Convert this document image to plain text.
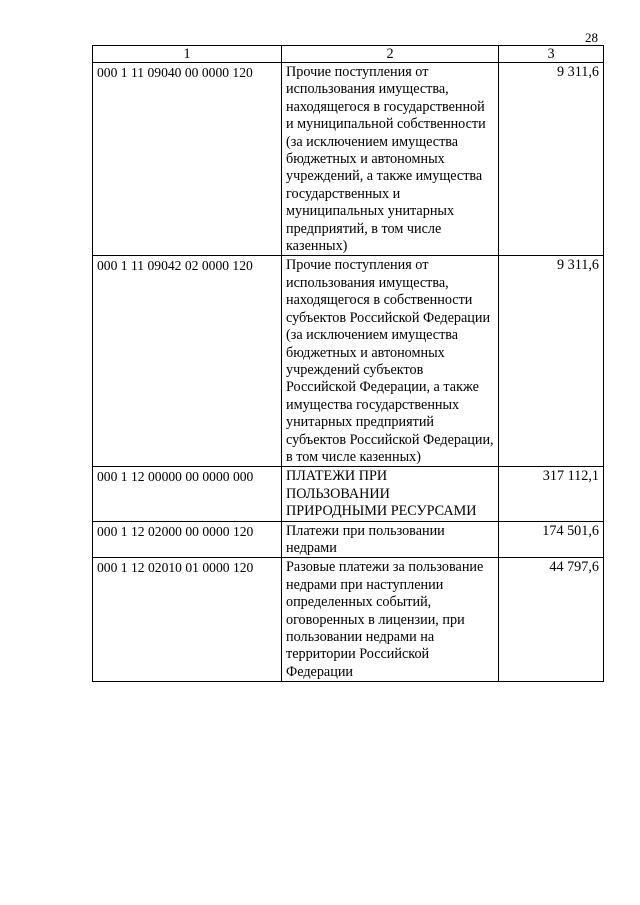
28
1	2	3
000 1 11 09040 00 0000 120	Прочие поступления от использования имущества, находящегося в государственной и муниципальной собственности (за исключением имущества бюджетных и автономных учреждений, а также имущества государственных и муниципальных унитарных предприятий, в том числе казенных)	9 311,6
000 1 11 09042 02 0000 120	Прочие поступления от использования имущества, находящегося в собственности субъектов Российской Федерации (за исключением имущества бюджетных и автономных учреждений субъектов Российской Федерации, а также имущества государственных унитарных предприятий субъектов Российской Федерации, в том числе казенных)	9 311,6
000 1 12 00000 00 0000 000	ПЛАТЕЖИ ПРИ ПОЛЬЗОВАНИИ ПРИРОДНЫМИ РЕСУРСАМИ	317 112,1
000 1 12 02000 00 0000 120	Платежи при пользовании недрами	174 501,6
000 1 12 02010 01 0000 120	Разовые платежи за пользование недрами при наступлении определенных событий, оговоренных в лицензии, при пользовании недрами на территории Российской Федерации	44 797,6
